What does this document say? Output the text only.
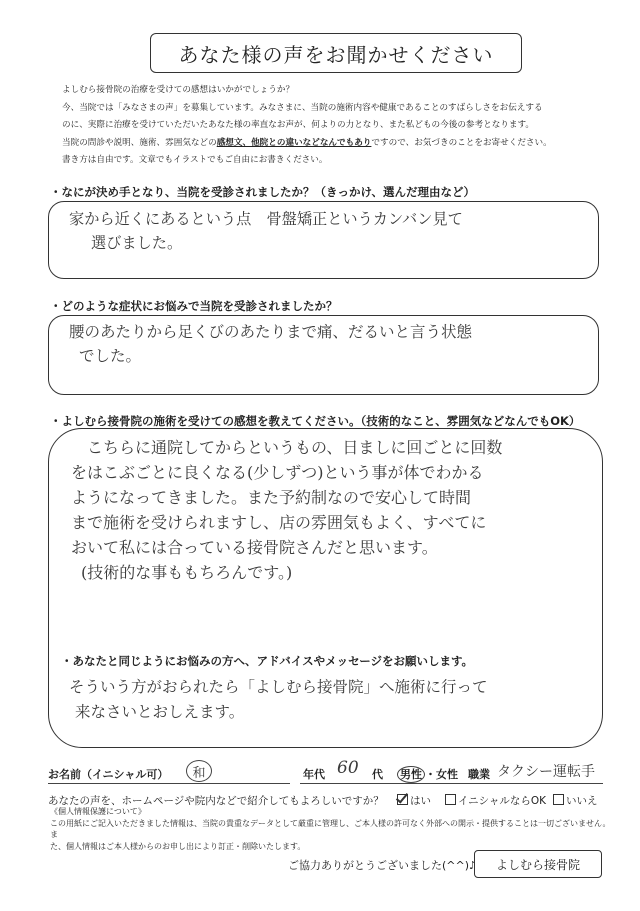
あなた様の声をお聞かせください

よしむら接骨院の治療を受けての感想はいかがでしょうか？

今、当院では「みなさまの声」を募集しています。みなさまに、当院の施術内容や健康であることのすばらしさをお伝えする

のに、実際に治療を受けていただいたあなた様の率直なお声が、何よりの力となり、また私どもの今後の参考となります。

当院の問診や説明、施術、雰囲気などの感想文、他院との違いなどなんでもありですので、お気づきのことをお寄せください。

書き方は自由です。文章でもイラストでもご自由にお書きください。

・なにが決め手となり、当院を受診されましたか？（きっかけ、選んだ理由など）
家から近くにあるという点　骨盤矯正というカンバン見て
選びました。
・どのような症状にお悩みで当院を受診されましたか？
腰のあたりから足くびのあたりまで痛、だるいと言う状態
でした。
・よしむら接骨院の施術を受けての感想を教えてください。（技術的なこと、雰囲気などなんでもOK）
こちらに通院してからというもの、日ましに回ごとに回数
をはこぶごとに良くなる(少しずつ)という事が体でわかる
ようになってきました。また予約制なので安心して時間
まで施術を受けられますし、店の雰囲気もよく、すべてに
おいて私には合っている接骨院さんだと思います。
(技術的な事ももちろんです。)
・あなたと同じようにお悩みの方へ、アドバイスやメッセージをお願いします。
そういう方がおられたら「よしむら接骨院」へ施術に行って
来なさいとおしえます。
お名前（イニシャル可） 和	年代 60 代 男性 ・女性 職業 タクシー運転手
あなたの声を、ホームページや院内などで紹介してもよろしいですか？	はい	イニシャルならOK	いいえ

《個人情報保護について》

この用紙にご記入いただきました情報は、当院の貴重なデータとして厳重に管理し、ご本人様の許可なく外部への開示・提供することは一切ございません。ま

た、個人情報はご本人様からのお申し出により訂正・削除いたします。

ご協力ありがとうございました(^^)♪ よしむら接骨院
